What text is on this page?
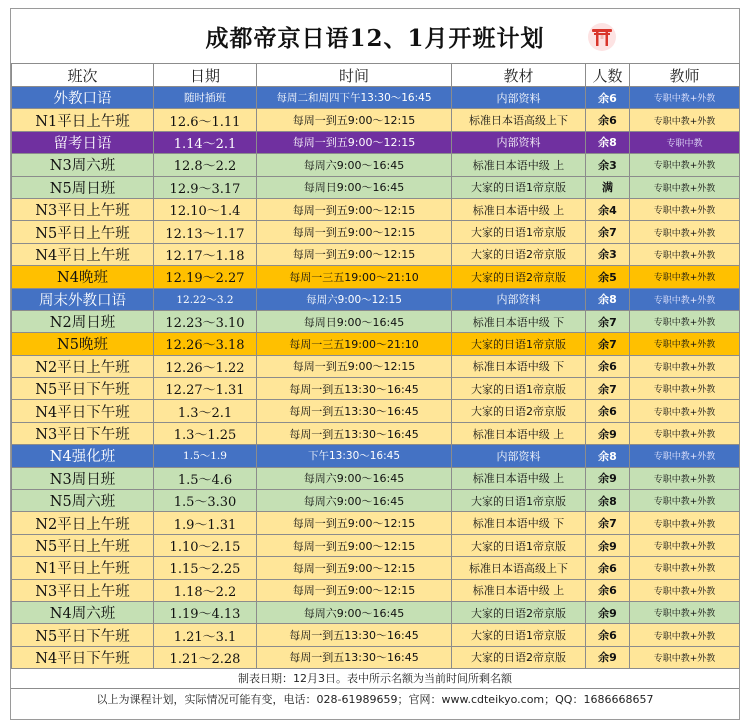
成都帝京日语12、1月开班计划
班次	日期	时间	教材	人数	教师
外教口语	随时插班	每周二和周四下午13:30～16:45	内部资料	余6	专职中教+外教
N1平日上午班	12.6～1.11	每周一到五9:00～12:15	标准日本语高级上下	余6	专职中教+外教
留考日语	1.14～2.1	每周一到五9:00～12:15	内部资料	余8	专职中教
N3周六班	12.8～2.2	每周六9:00～16:45	标准日本语中级 上	余3	专职中教+外教
N5周日班	12.9～3.17	每周日9:00～16:45	大家的日语1帝京版	满	专职中教+外教
N3平日上午班	12.10～1.4	每周一到五9:00～12:15	标准日本语中级 上	余4	专职中教+外教
N5平日上午班	12.13～1.17	每周一到五9:00～12:15	大家的日语1帝京版	余7	专职中教+外教
N4平日上午班	12.17～1.18	每周一到五9:00～12:15	大家的日语2帝京版	余3	专职中教+外教
N4晚班	12.19～2.27	每周一三五19:00～21:10	大家的日语2帝京版	余5	专职中教+外教
周末外教口语	12.22～3.2	每周六9:00～12:15	内部资料	余8	专职中教+外教
N2周日班	12.23～3.10	每周日9:00～16:45	标准日本语中级 下	余7	专职中教+外教
N5晚班	12.26～3.18	每周一三五19:00～21:10	大家的日语1帝京版	余7	专职中教+外教
N2平日上午班	12.26～1.22	每周一到五9:00～12:15	标准日本语中级 下	余6	专职中教+外教
N5平日下午班	12.27～1.31	每周一到五13:30～16:45	大家的日语1帝京版	余7	专职中教+外教
N4平日下午班	1.3～2.1	每周一到五13:30～16:45	大家的日语2帝京版	余6	专职中教+外教
N3平日下午班	1.3～1.25	每周一到五13:30～16:45	标准日本语中级 上	余9	专职中教+外教
N4强化班	1.5～1.9	下午13:30～16:45	内部资料	余8	专职中教+外教
N3周日班	1.5～4.6	每周六9:00～16:45	标准日本语中级 上	余9	专职中教+外教
N5周六班	1.5～3.30	每周六9:00～16:45	大家的日语1帝京版	余8	专职中教+外教
N2平日上午班	1.9～1.31	每周一到五9:00～12:15	标准日本语中级 下	余7	专职中教+外教
N5平日上午班	1.10～2.15	每周一到五9:00～12:15	大家的日语1帝京版	余9	专职中教+外教
N1平日上午班	1.15～2.25	每周一到五9:00～12:15	标准日本语高级上下	余6	专职中教+外教
N3平日上午班	1.18～2.2	每周一到五9:00～12:15	标准日本语中级 上	余6	专职中教+外教
N4周六班	1.19～4.13	每周六9:00～16:45	大家的日语2帝京版	余9	专职中教+外教
N5平日下午班	1.21～3.1	每周一到五13:30～16:45	大家的日语1帝京版	余6	专职中教+外教
N4平日下午班	1.21～2.28	每周一到五13:30～16:45	大家的日语2帝京版	余9	专职中教+外教
制表日期：12月3日。表中所示名额为当前时间所剩名额
以上为课程计划，实际情况可能有变，电话：028-61989659；官网：www.cdteikyo.com；QQ：1686668657
